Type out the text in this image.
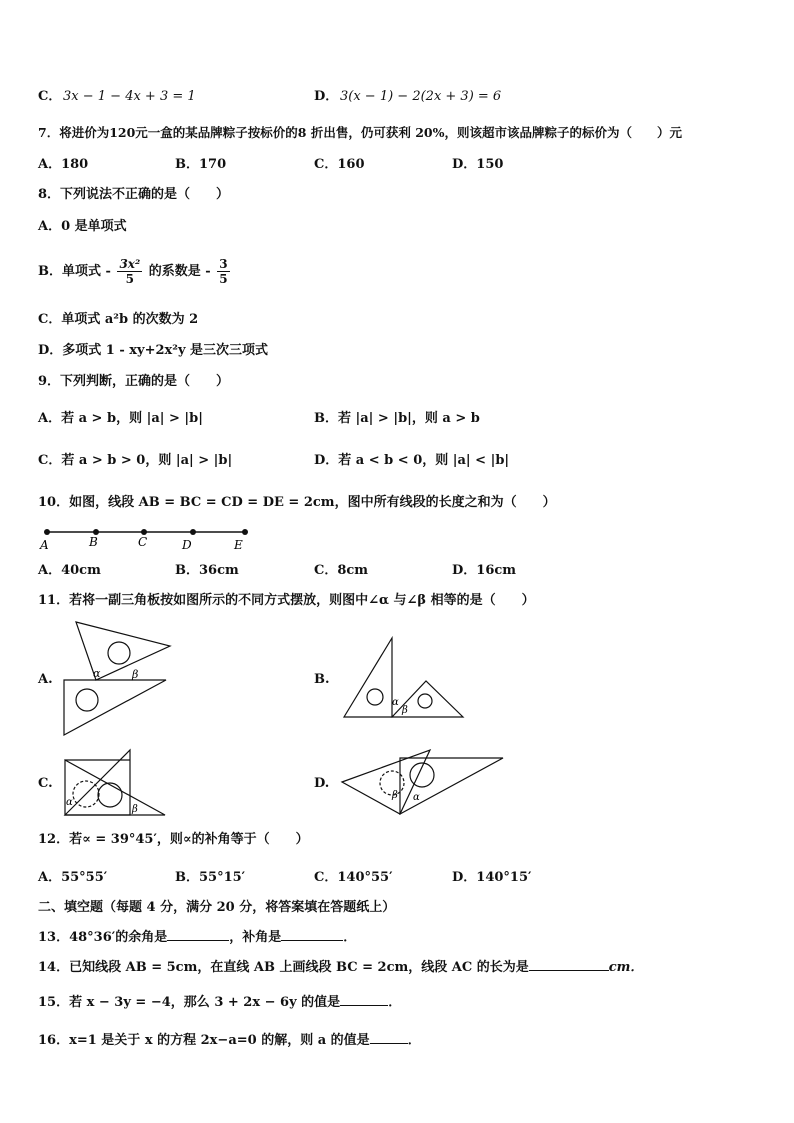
C． 3x − 1 − 4x + 3 = 1	D． 3(x − 1) − 2(2x + 3) = 6
7．将进价为120元一盒的某品牌粽子按标价的8 折出售，仍可获利 20%，则该超市该品牌粽子的标价为（　　）元
A．180	B．170	C．160	D．150
8．下列说法不正确的是（　　）
A．0 是单项式
B．单项式 - $\frac{\text{3x²}}{5}$ 的系数是 - $\frac{3}{5}$
C．单项式 a²b 的次数为 2
D．多项式 1 - xy+2x²y 是三次三项式
9．下列判断，正确的是（　　）
A．若 a > b，则 |a| > |b|	B．若 |a| > |b|，则 a > b
C．若 a > b > 0，则 |a| > |b|	D．若 a < b < 0，则 |a| < |b|
10．如图，线段 AB = BC = CD = DE = 2cm，图中所有线段的长度之和为（　　）
A	B	C	D	E
A．40cm	B．36cm	C．8cm	D．16cm
11．若将一副三角板按如图所示的不同方式摆放，则图中∠α 与∠β 相等的是（　　）
A.	α	β	B.
α
β
C.
α
β
D.
β α
12．若∝ = 39°45′，则∝的补角等于（　　）
A．55°55′	B．55°15′	C．140°55′	D．140°15′
二、填空题（每题 4 分，满分 20 分，将答案填在答题纸上）
13．48°36′的余角是	，补角是	．
14．已知线段 AB = 5cm，在直线 AB 上画线段 BC = 2cm，线段 AC 的长为是	cm．
15．若 x − 3y = −4，那么 3 + 2x − 6y 的值是	．
16．x=1 是关于 x 的方程 2x−a=0 的解，则 a 的值是	．
